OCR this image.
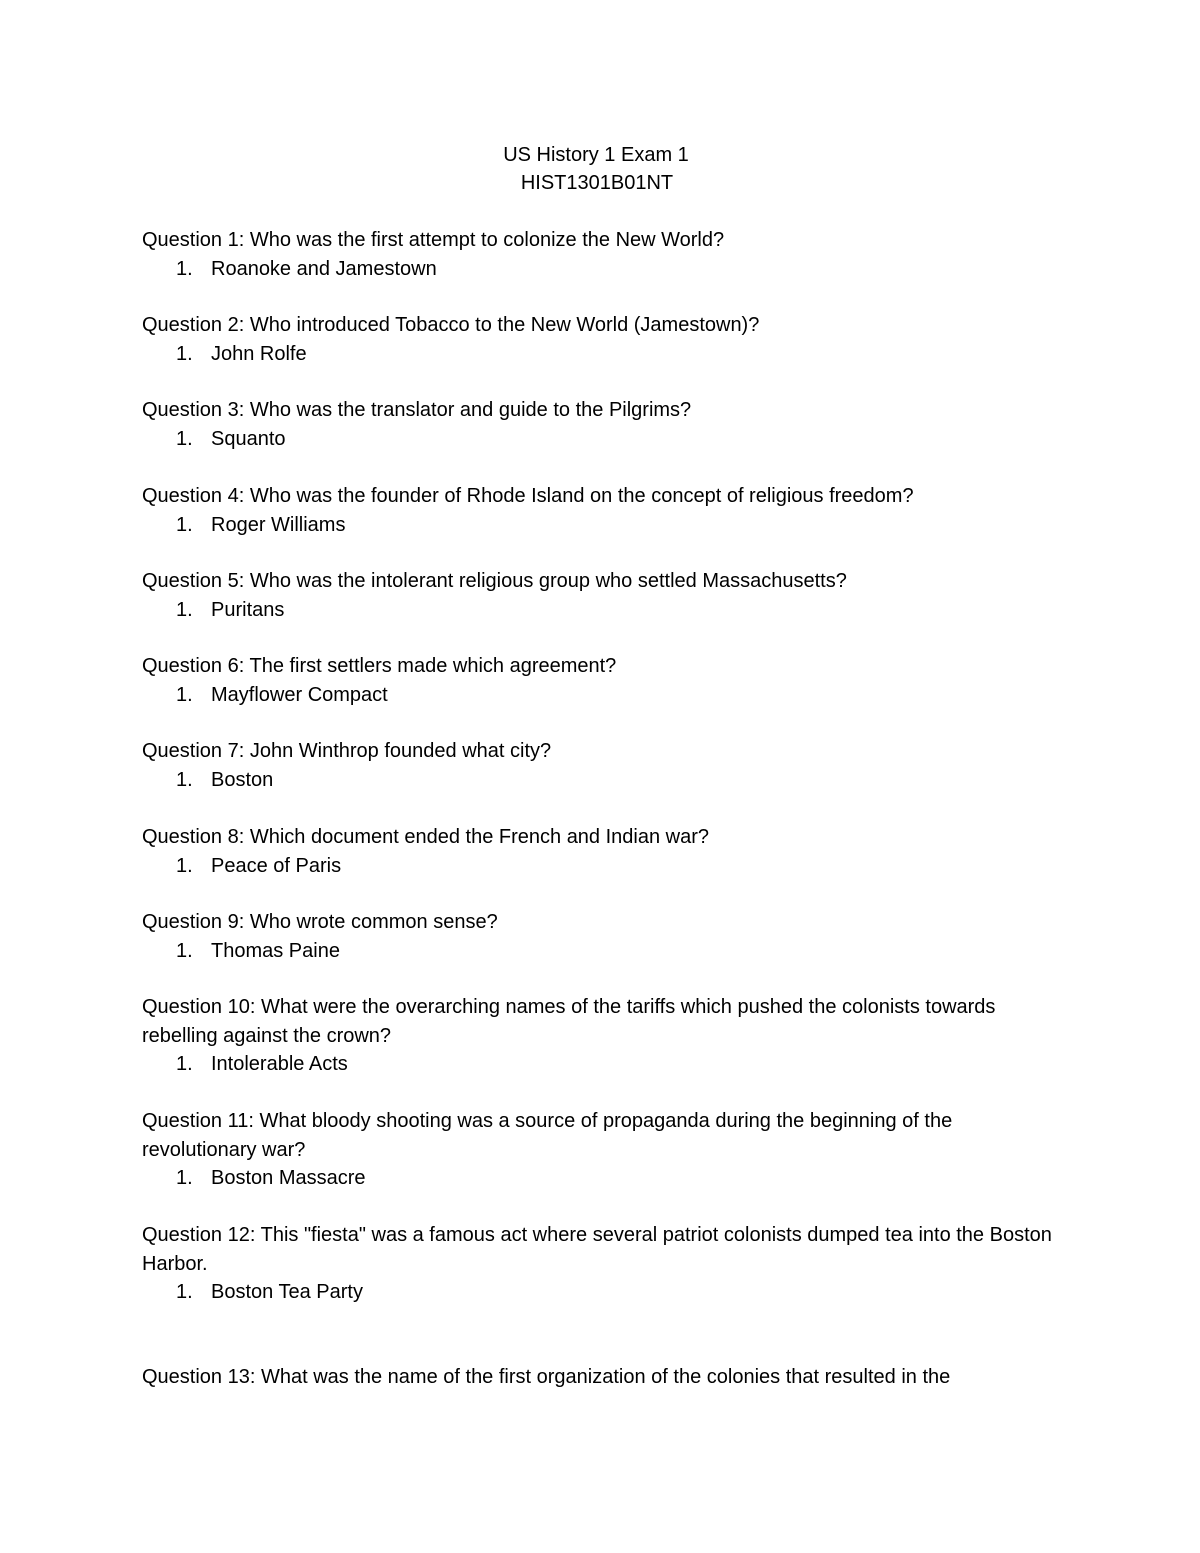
US History 1 Exam 1
HIST1301B01NT
Question 1: Who was the first attempt to colonize the New World?
1. Roanoke and Jamestown
Question 2: Who introduced Tobacco to the New World (Jamestown)?
1. John Rolfe
Question 3: Who was the translator and guide to the Pilgrims?
1. Squanto
Question 4: Who was the founder of Rhode Island on the concept of religious freedom?
1. Roger Williams
Question 5: Who was the intolerant religious group who settled Massachusetts?
1. Puritans
Question 6: The first settlers made which agreement?
1. Mayflower Compact
Question 7: John Winthrop founded what city?
1. Boston
Question 8: Which document ended the French and Indian war?
1. Peace of Paris
Question 9: Who wrote common sense?
1. Thomas Paine
Question 10: What were the overarching names of the tariffs which pushed the colonists towards rebelling against the crown?
1. Intolerable Acts
Question 11: What bloody shooting was a source of propaganda during the beginning of the revolutionary war?
1. Boston Massacre
Question 12: This "fiesta" was a famous act where several patriot colonists dumped tea into the Boston Harbor.
1. Boston Tea Party
Question 13: What was the name of the first organization of the colonies that resulted in the
